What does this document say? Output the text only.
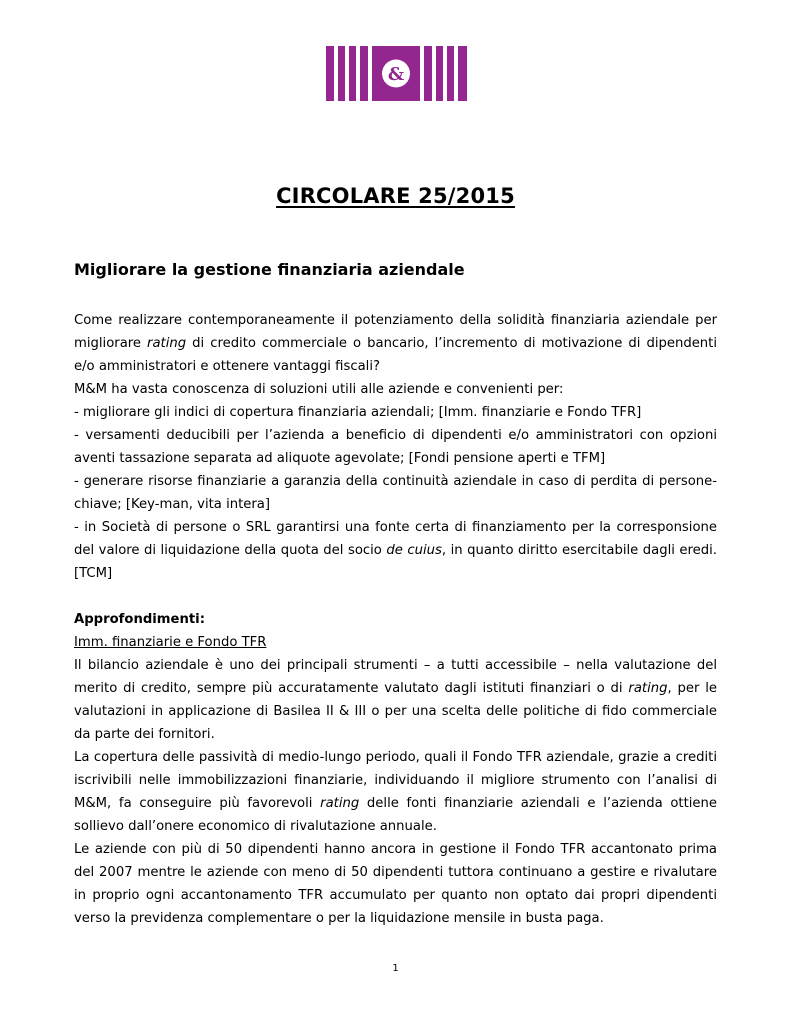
&
CIRCOLARE 25/2015
Migliorare la gestione finanziaria aziendale

Come realizzare contemporaneamente il potenziamento della solidità finanziaria aziendale per migliorare rating di credito commerciale o bancario, l’incremento di motivazione di dipendenti e/o amministratori e ottenere vantaggi fiscali?

M&M ha vasta conoscenza di soluzioni utili alle aziende e convenienti per:

- migliorare gli indici di copertura finanziaria aziendali; [Imm. finanziarie e Fondo TFR]

- versamenti deducibili per l’azienda a beneficio di dipendenti e/o amministratori con opzioni aventi tassazione separata ad aliquote agevolate; [Fondi pensione aperti e TFM]

- generare risorse finanziarie a garanzia della continuità aziendale in caso di perdita di persone-chiave; [Key-man, vita intera]

- in Società di persone o SRL garantirsi una fonte certa di finanziamento per la corresponsione del valore di liquidazione della quota del socio de cuius, in quanto diritto esercitabile dagli eredi. [TCM]

Approfondimenti:

Imm. finanziarie e Fondo TFR

Il bilancio aziendale è uno dei principali strumenti – a tutti accessibile – nella valutazione del merito di credito, sempre più accuratamente valutato dagli istituti finanziari o di rating, per le valutazioni in applicazione di Basilea II & III o per una scelta delle politiche di fido commerciale da parte dei fornitori.

La copertura delle passività di medio-lungo periodo, quali il Fondo TFR aziendale, grazie a crediti iscrivibili nelle immobilizzazioni finanziarie, individuando il migliore strumento con l’analisi di M&M, fa conseguire più favorevoli rating delle fonti finanziarie aziendali e l’azienda ottiene sollievo dall’onere economico di rivalutazione annuale.

Le aziende con più di 50 dipendenti hanno ancora in gestione il Fondo TFR accantonato prima del 2007 mentre le aziende con meno di 50 dipendenti tuttora continuano a gestire e rivalutare in proprio ogni accantonamento TFR accumulato per quanto non optato dai propri dipendenti verso la previdenza complementare o per la liquidazione mensile in busta paga.

1
